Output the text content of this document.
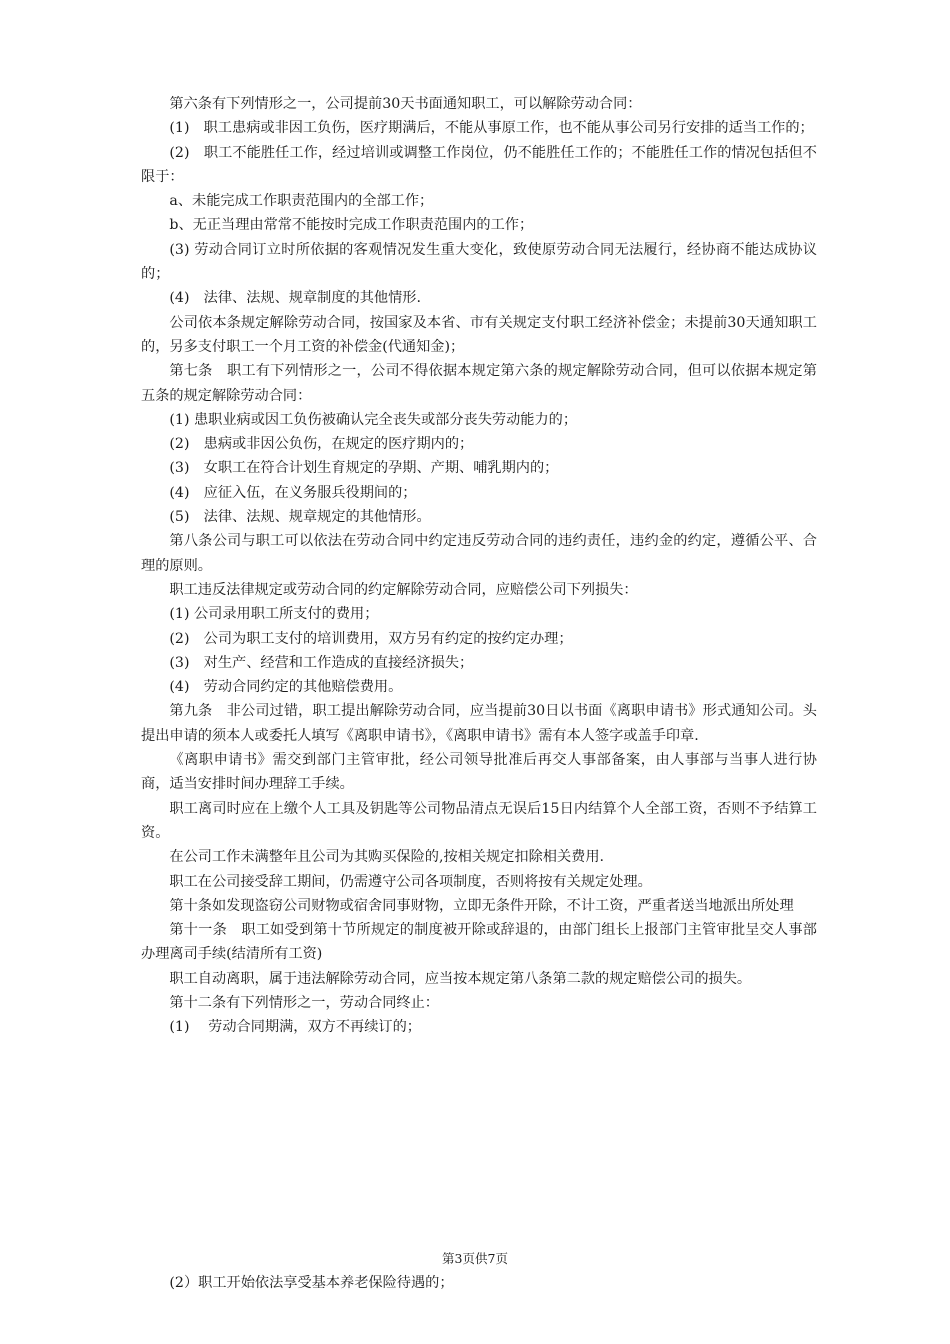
第六条有下列情形之一，公司提前30天书面通知职工，可以解除劳动合同：

(1)　职工患病或非因工负伤，医疗期满后，不能从事原工作，也不能从事公司另行安排的适当工作的；

(2)　职工不能胜任工作，经过培训或调整工作岗位，仍不能胜任工作的；不能胜任工作的情况包括但不限于：

a、未能完成工作职责范围内的全部工作；

b、无正当理由常常不能按时完成工作职责范围内的工作；

(3) 劳动合同订立时所依据的客观情况发生重大变化，致使原劳动合同无法履行，经协商不能达成协议的；

(4)　法律、法规、规章制度的其他情形.

公司依本条规定解除劳动合同，按国家及本省、市有关规定支付职工经济补偿金；未提前30天通知职工的，另多支付职工一个月工资的补偿金(代通知金)；

第七条　职工有下列情形之一，公司不得依据本规定第六条的规定解除劳动合同，但可以依据本规定第五条的规定解除劳动合同：

(1) 患职业病或因工负伤被确认完全丧失或部分丧失劳动能力的；

(2)　患病或非因公负伤，在规定的医疗期内的；

(3)　女职工在符合计划生育规定的孕期、产期、哺乳期内的；

(4)　应征入伍，在义务服兵役期间的；

(5)　法律、法规、规章规定的其他情形。

第八条公司与职工可以依法在劳动合同中约定违反劳动合同的违约责任，违约金的约定，遵循公平、合理的原则。

职工违反法律规定或劳动合同的约定解除劳动合同，应赔偿公司下列损失：

(1) 公司录用职工所支付的费用；

(2)　公司为职工支付的培训费用，双方另有约定的按约定办理；

(3)　对生产、经营和工作造成的直接经济损失；

(4)　劳动合同约定的其他赔偿费用。

第九条　非公司过错，职工提出解除劳动合同，应当提前30日以书面《离职申请书》形式通知公司。头提出申请的须本人或委托人填写《离职申请书》，《离职申请书》需有本人签字或盖手印章.

《离职申请书》需交到部门主管审批，经公司领导批准后再交人事部备案，由人事部与当事人进行协商，适当安排时间办理辞工手续。

职工离司时应在上缴个人工具及钥匙等公司物品清点无误后15日内结算个人全部工资，否则不予结算工资。

在公司工作未满整年且公司为其购买保险的,按相关规定扣除相关费用.

职工在公司接受辞工期间，仍需遵守公司各项制度，否则将按有关规定处理。

第十条如发现盗窃公司财物或宿舍同事财物，立即无条件开除，不计工资，严重者送当地派出所处理

第十一条　职工如受到第十节所规定的制度被开除或辞退的，由部门组长上报部门主管审批呈交人事部办理离司手续(结清所有工资)

职工自动离职，属于违法解除劳动合同，应当按本规定第八条第二款的规定赔偿公司的损失。

第十二条有下列情形之一，劳动合同终止：

(1)　 劳动合同期满，双方不再续订的；

第3页供7页

(2）职工开始依法享受基本养老保险待遇的；
